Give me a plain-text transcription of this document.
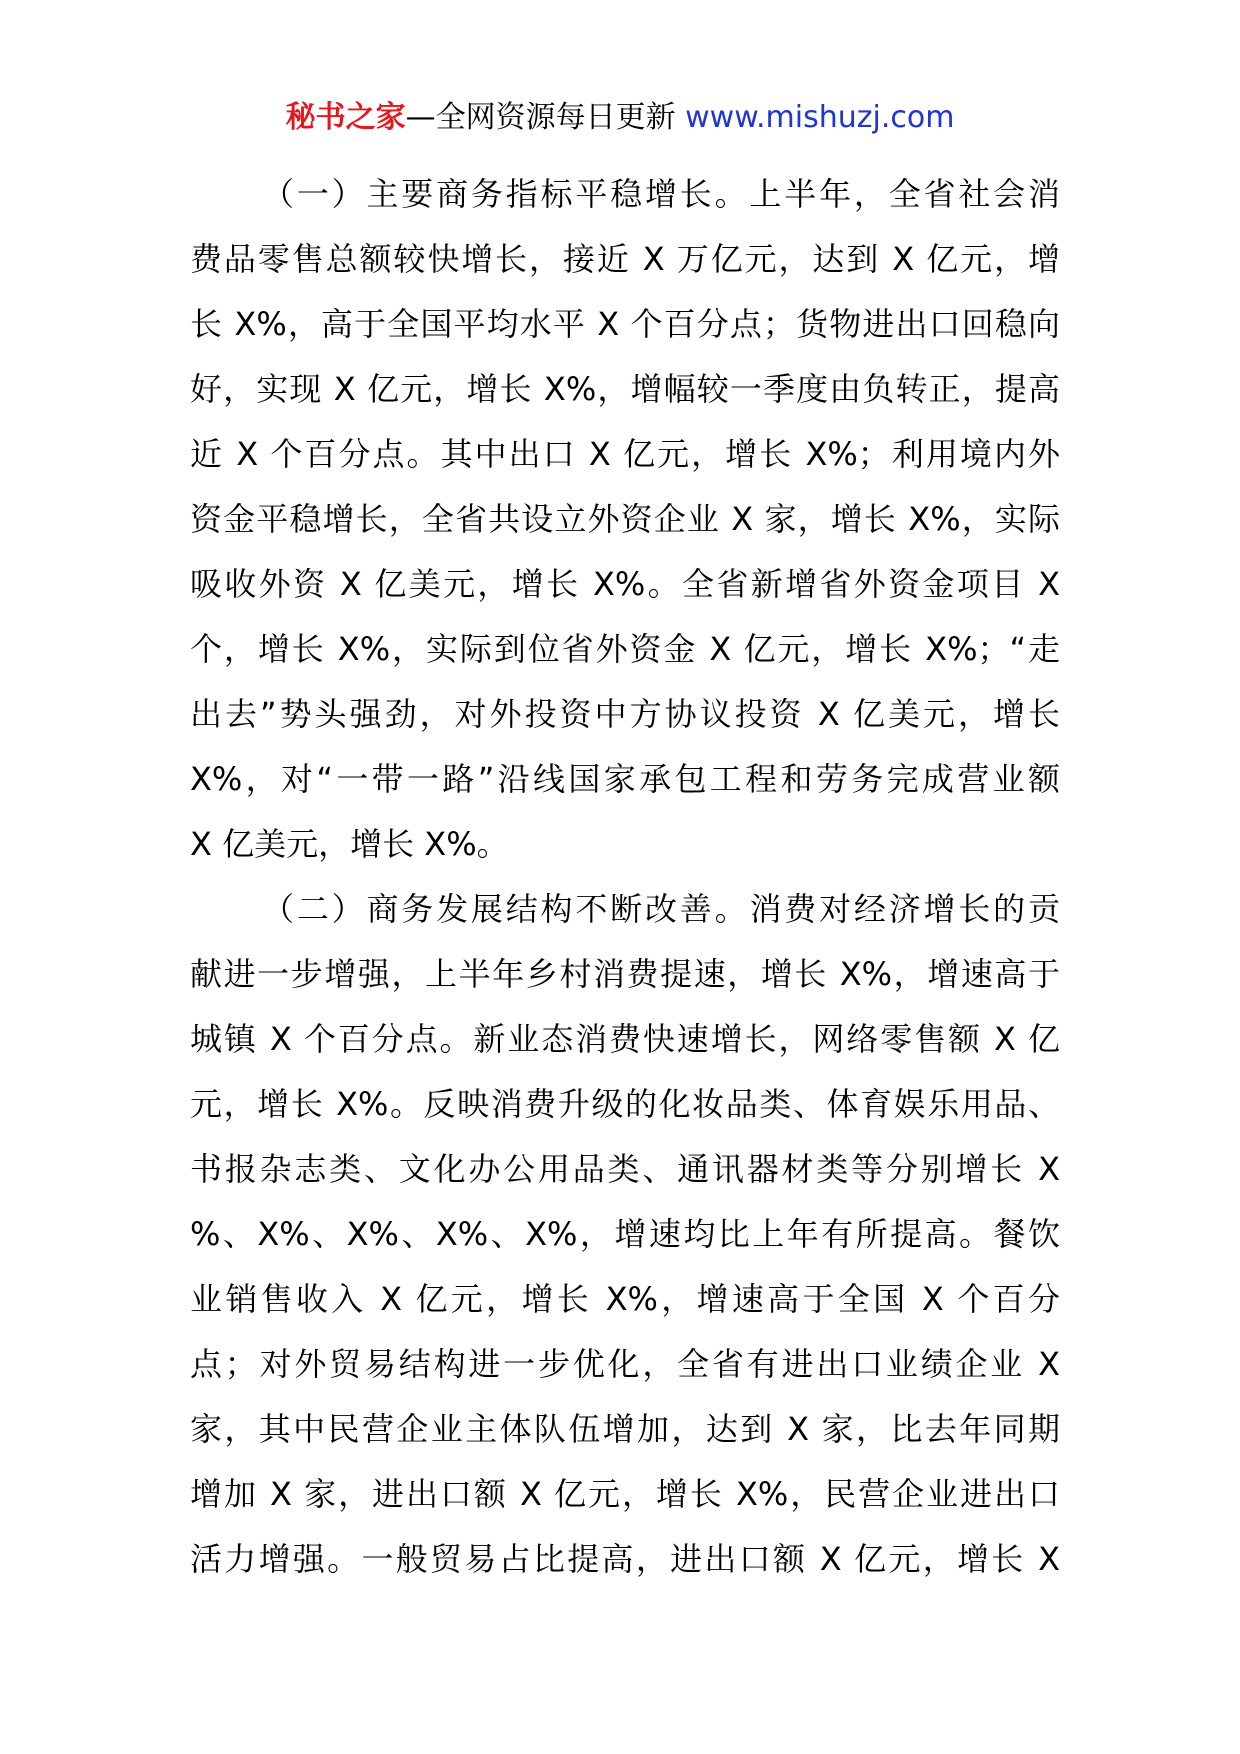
秘书之家—全网资源每日更新 www.mishuzj.com
（一）主要商务指标平稳增长。上半年，全省社会消
费品零售总额较快增长，接近 X 万亿元，达到 X 亿元，增
长 X%，高于全国平均水平 X 个百分点；货物进出口回稳向
好，实现 X 亿元，增长 X%，增幅较一季度由负转正，提高
近 X 个百分点。其中出口 X 亿元，增长 X%；利用境内外
资金平稳增长，全省共设立外资企业 X 家，增长 X%，实际
吸收外资 X 亿美元，增长 X%。全省新增省外资金项目 X
个，增长 X%，实际到位省外资金 X 亿元，增长 X%；“走
出去”势头强劲，对外投资中方协议投资 X 亿美元，增长
X%，对“一带一路”沿线国家承包工程和劳务完成营业额
X 亿美元，增长 X%。
（二）商务发展结构不断改善。消费对经济增长的贡
献进一步增强，上半年乡村消费提速，增长 X%，增速高于
城镇 X 个百分点。新业态消费快速增长，网络零售额 X 亿
元，增长 X%。反映消费升级的化妆品类、体育娱乐用品、
书报杂志类、文化办公用品类、通讯器材类等分别增长 X
%、X%、X%、X%、X%，增速均比上年有所提高。餐饮
业销售收入 X 亿元，增长 X%，增速高于全国 X 个百分
点；对外贸易结构进一步优化，全省有进出口业绩企业 X
家，其中民营企业主体队伍增加，达到 X 家，比去年同期
增加 X 家，进出口额 X 亿元，增长 X%，民营企业进出口
活力增强。一般贸易占比提高，进出口额 X 亿元，增长 X
